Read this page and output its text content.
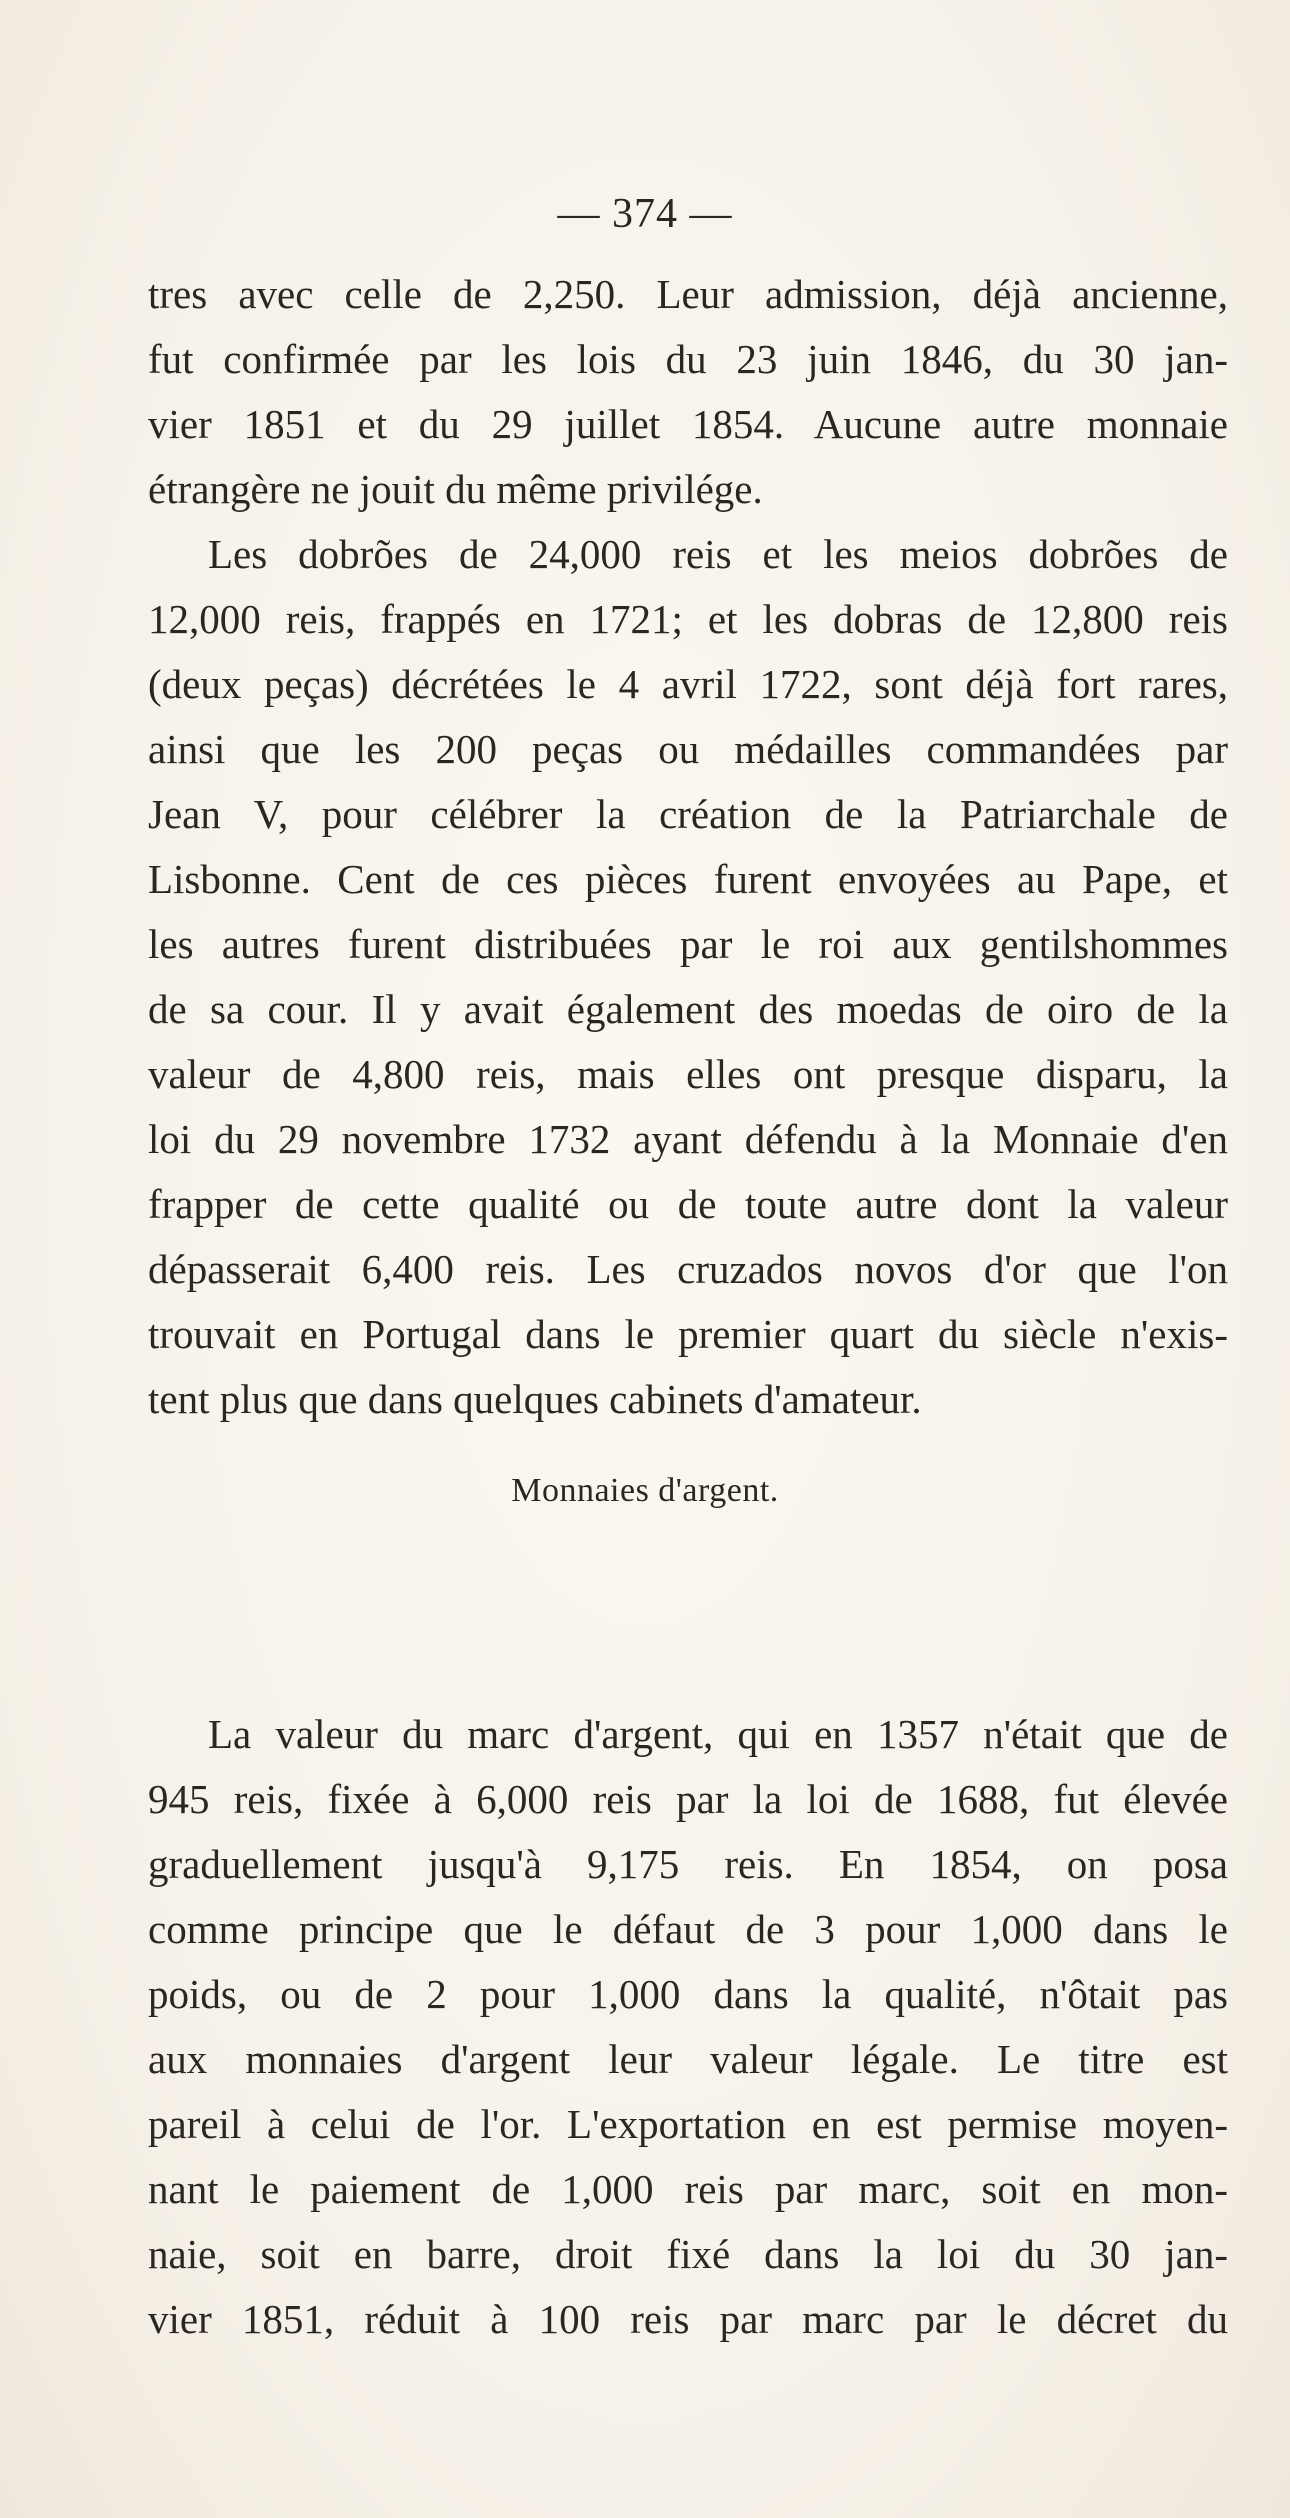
— 374 —
tres avec celle de 2,250. Leur admission, déjà ancienne,
fut confirmée par les lois du 23 juin 1846, du 30 jan-
vier 1851 et du 29 juillet 1854. Aucune autre monnaie
étrangère ne jouit du même privilége.
Les dobrões de 24,000 reis et les meios dobrões de
12,000 reis, frappés en 1721; et les dobras de 12,800 reis
(deux peças) décrétées le 4 avril 1722, sont déjà fort rares,
ainsi que les 200 peças ou médailles commandées par
Jean V, pour célébrer la création de la Patriarchale de
Lisbonne. Cent de ces pièces furent envoyées au Pape, et
les autres furent distribuées par le roi aux gentilshommes
de sa cour. Il y avait également des moedas de oiro de la
valeur de 4,800 reis, mais elles ont presque disparu, la
loi du 29 novembre 1732 ayant défendu à la Monnaie d'en
frapper de cette qualité ou de toute autre dont la valeur
dépasserait 6,400 reis. Les cruzados novos d'or que l'on
trouvait en Portugal dans le premier quart du siècle n'exis-
tent plus que dans quelques cabinets d'amateur.
Monnaies d'argent.
La valeur du marc d'argent, qui en 1357 n'était que de
945 reis, fixée à 6,000 reis par la loi de 1688, fut élevée
graduellement jusqu'à 9,175 reis. En 1854, on posa
comme principe que le défaut de 3 pour 1,000 dans le
poids, ou de 2 pour 1,000 dans la qualité, n'ôtait pas
aux monnaies d'argent leur valeur légale. Le titre est
pareil à celui de l'or. L'exportation en est permise moyen-
nant le paiement de 1,000 reis par marc, soit en mon-
naie, soit en barre, droit fixé dans la loi du 30 jan-
vier 1851, réduit à 100 reis par marc par le décret du
